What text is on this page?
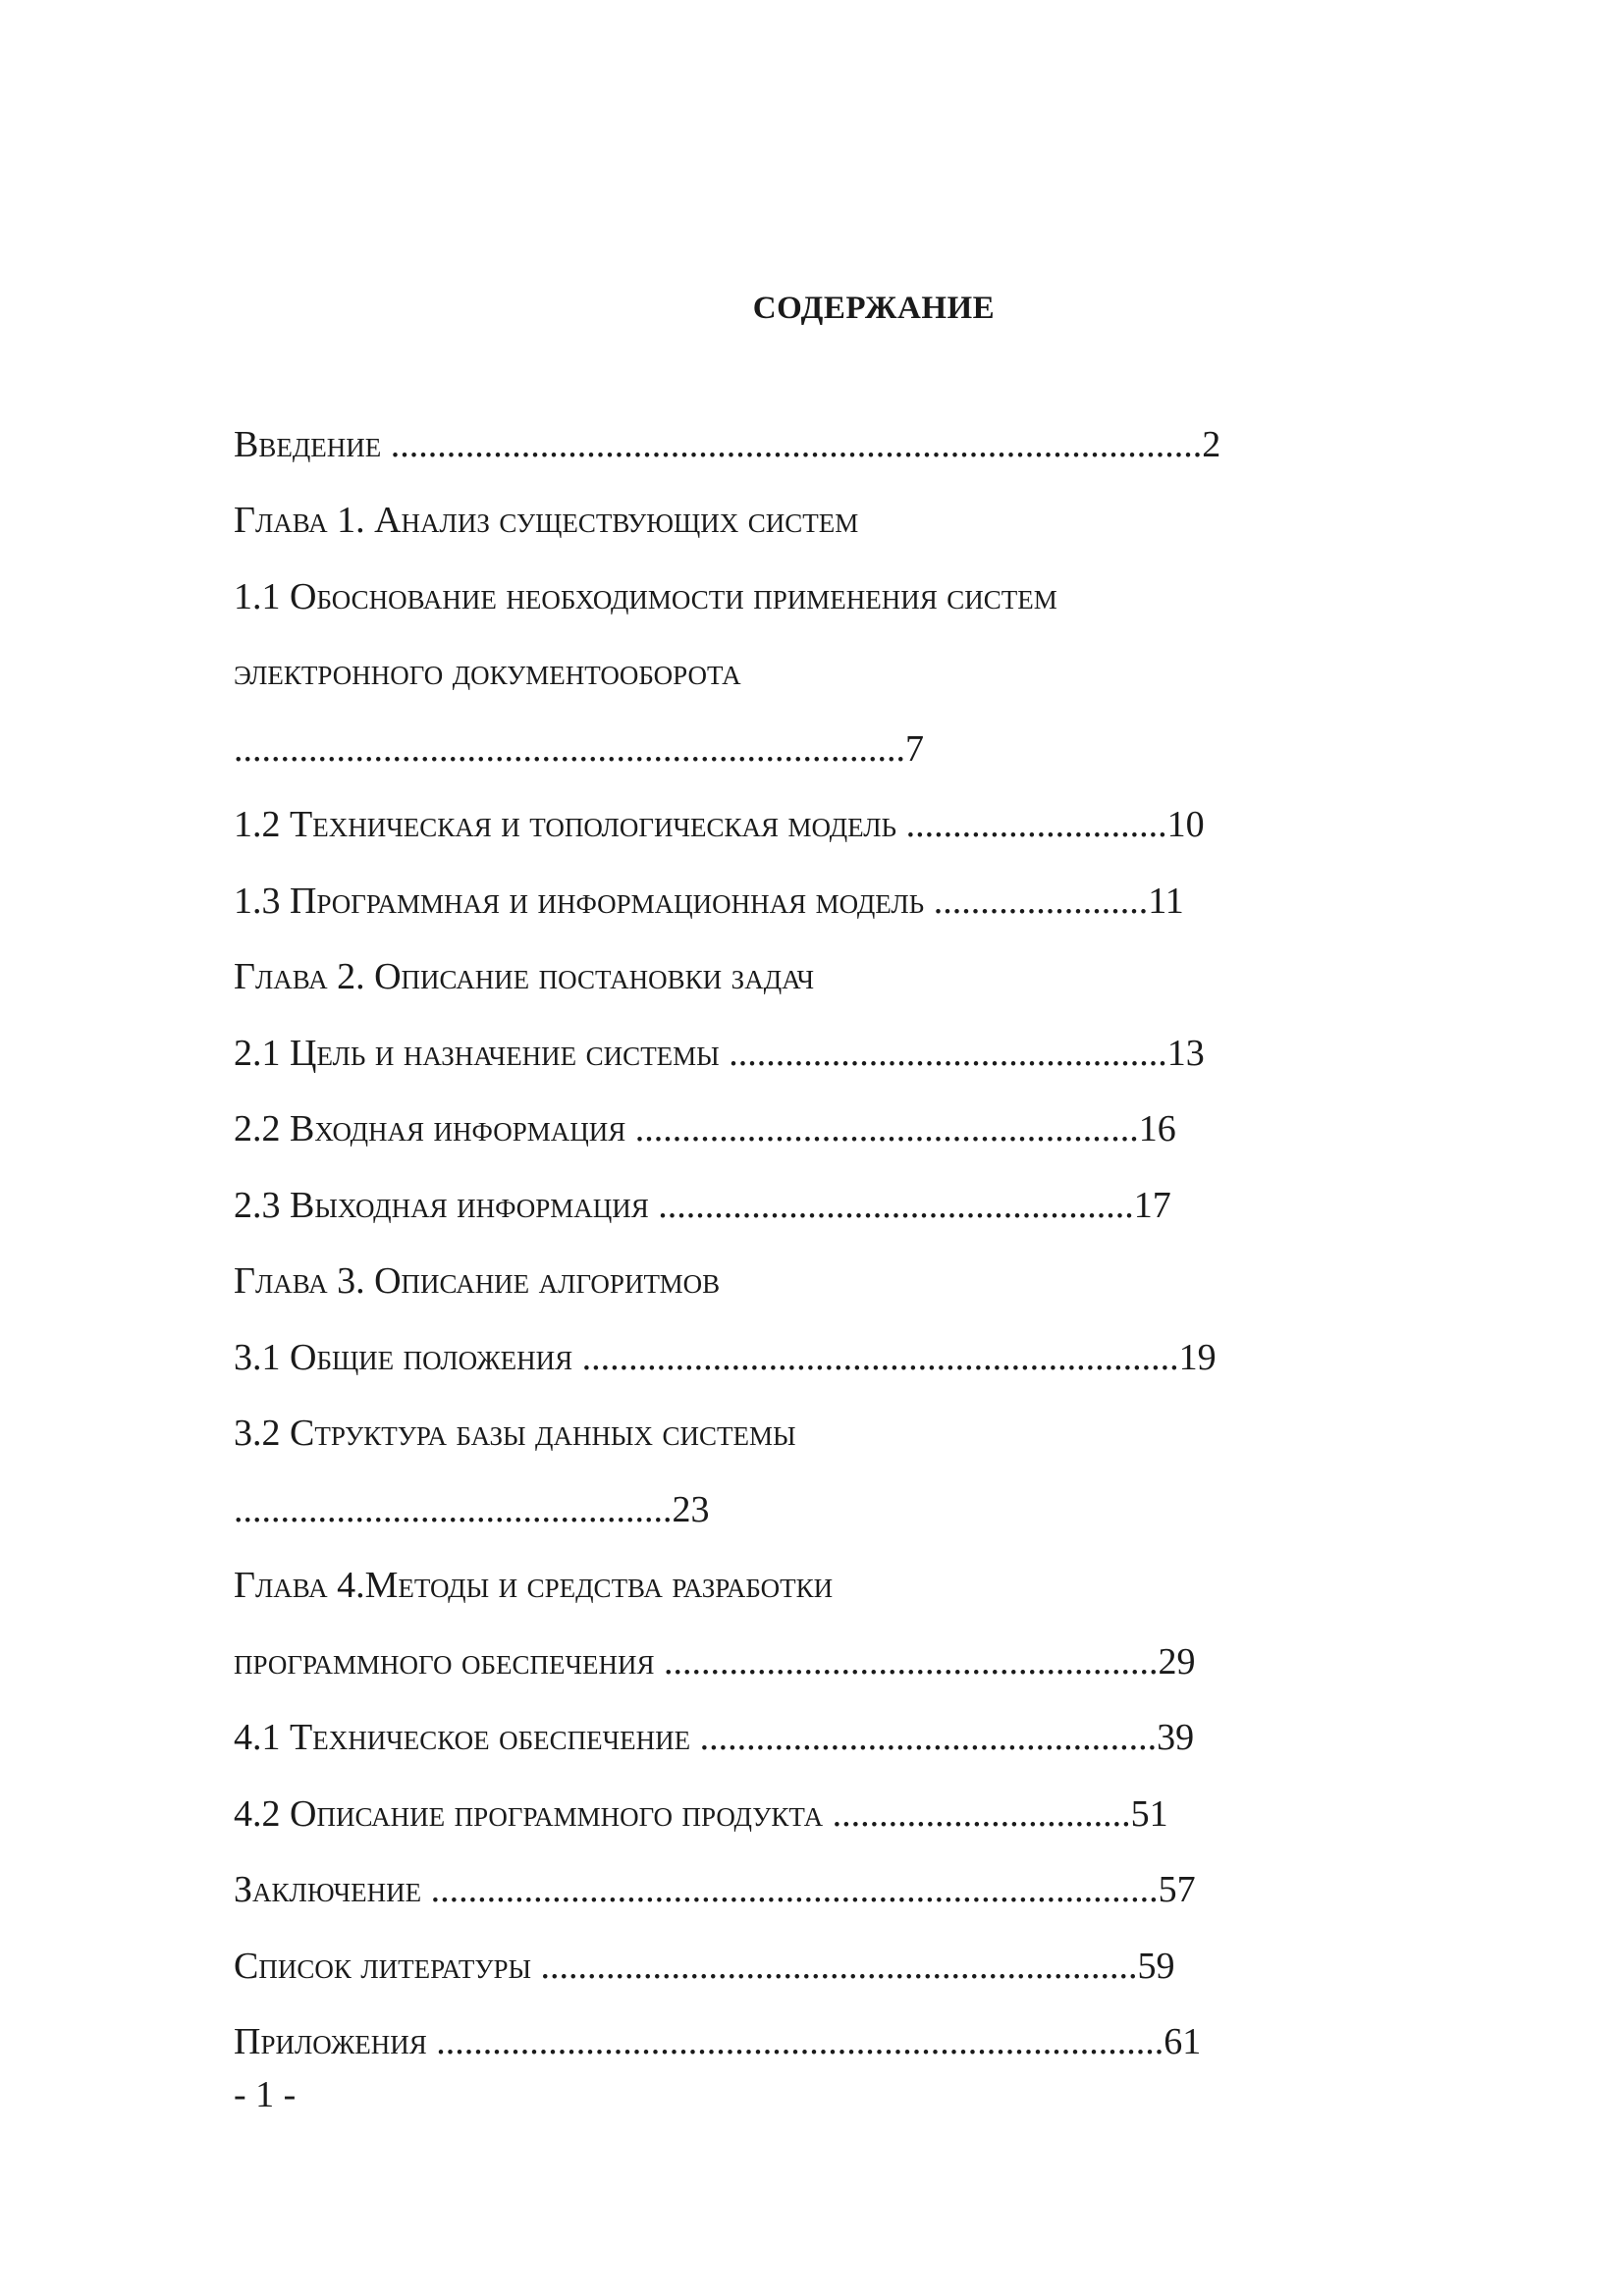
СОДЕРЖАНИЕ
Введение .......................................................................................2
Глава 1. Анализ существующих систем
1.1 Обоснование необходимости применения систем
электронного документооборота
........................................................................7
1.2 Техническая и топологическая модель ............................10
1.3 Программная и информационная модель .......................11
Глава 2. Описание постановки задач
2.1 Цель и назначение системы ...............................................13
2.2 Входная информация ......................................................16
2.3 Выходная информация ...................................................17
Глава 3. Описание алгоритмов
3.1 Общие положения ................................................................19
3.2 Структура базы данных системы
...............................................23
Глава 4.Методы и средства разработки
программного обеспечения .....................................................29
4.1 Техническое обеспечение .................................................39
4.2 Описание программного продукта ................................51
Заключение ..............................................................................57
Список литературы ................................................................59
Приложения ..............................................................................61
- 1 -
